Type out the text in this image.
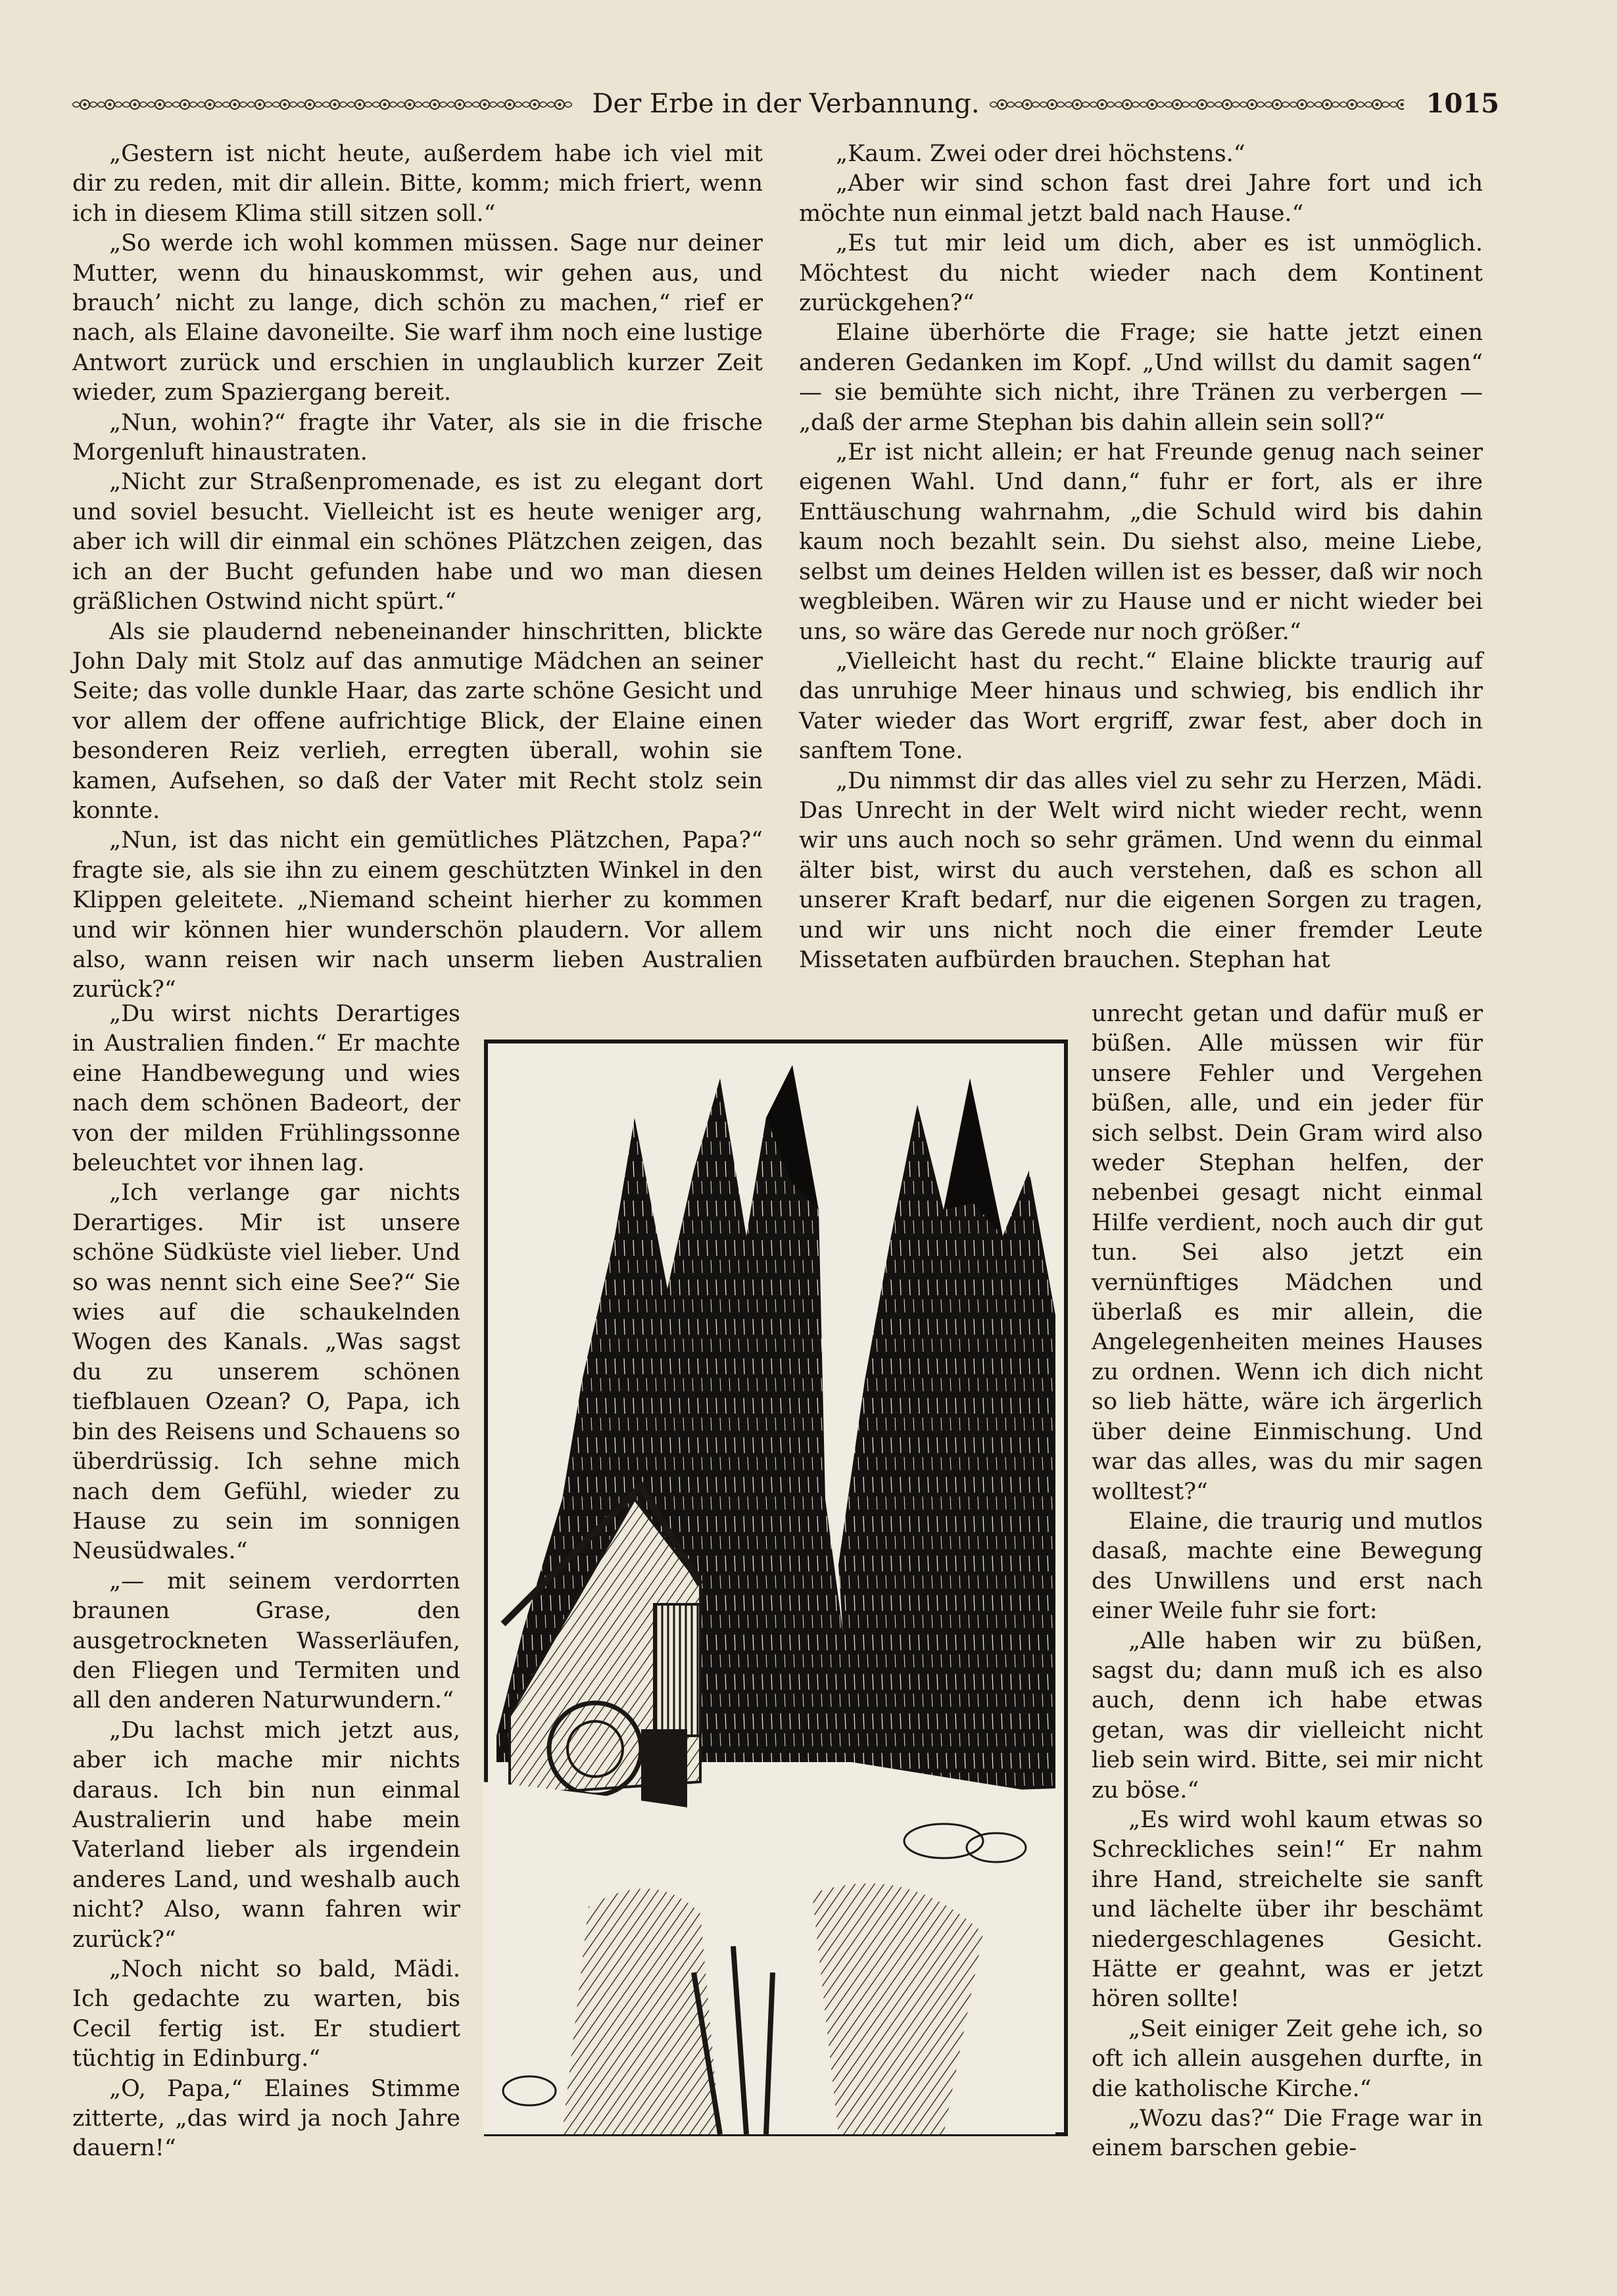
Der Erbe in der Verbannung.	1015

„Gestern ist nicht heute, außerdem habe ich viel mit dir zu reden, mit dir allein. Bitte, komm; mich friert, wenn ich in diesem Klima still sitzen soll.“
„So werde ich wohl kommen müssen. Sage nur deiner Mutter, wenn du hinauskommst, wir gehen aus, und brauch’ nicht zu lange, dich schön zu machen,“ rief er nach, als Elaine davoneilte. Sie warf ihm noch eine lustige Antwort zurück und erschien in unglaublich kurzer Zeit wieder, zum Spaziergang bereit.
„Nun, wohin?“ fragte ihr Vater, als sie in die frische Morgenluft hinaustraten.
„Nicht zur Straßenpromenade, es ist zu elegant dort und soviel besucht. Vielleicht ist es heute weniger arg, aber ich will dir einmal ein schönes Plätzchen zeigen, das ich an der Bucht gefunden habe und wo man diesen gräßlichen Ostwind nicht spürt.“
Als sie plaudernd nebeneinander hinschritten, blickte John Daly mit Stolz auf das anmutige Mädchen an seiner Seite; das volle dunkle Haar, das zarte schöne Gesicht und vor allem der offene aufrichtige Blick, der Elaine einen besonderen Reiz verlieh, erregten überall, wohin sie kamen, Aufsehen, so daß der Vater mit Recht stolz sein konnte.
„Nun, ist das nicht ein gemütliches Plätzchen, Papa?“ fragte sie, als sie ihn zu einem geschützten Winkel in den Klippen geleitete. „Niemand scheint hierher zu kommen und wir können hier wunderschön plaudern. Vor allem also, wann reisen wir nach unserm lieben Australien zurück?“

„Du wirst nichts Derartiges in Australien finden.“ Er machte eine Handbewegung und wies nach dem schönen Badeort, der von der milden Frühlingssonne beleuchtet vor ihnen lag.
„Ich verlange gar nichts Derartiges. Mir ist unsere schöne Südküste viel lieber. Und so was nennt sich eine See?“ Sie wies auf die schaukelnden Wogen des Kanals. „Was sagst du zu unserem schönen tiefblauen Ozean? O, Papa, ich bin des Reisens und Schauens so überdrüssig. Ich sehne mich nach dem Gefühl, wieder zu Hause zu sein im sonnigen Neusüdwales.“
„— mit seinem verdorrten braunen Grase, den ausgetrockneten Wasserläufen, den Fliegen und Termiten und all den anderen Naturwundern.“
„Du lachst mich jetzt aus, aber ich mache mir nichts daraus. Ich bin nun einmal Australierin und habe mein Vaterland lieber als irgendein anderes Land, und weshalb auch nicht? Also, wann fahren wir zurück?“
„Noch nicht so bald, Mädi. Ich gedachte zu warten, bis Cecil fertig ist. Er studiert tüchtig in Edinburg.“
„O, Papa,“ Elaines Stimme zitterte, „das wird ja noch Jahre dauern!“

„Kaum. Zwei oder drei höchstens.“
„Aber wir sind schon fast drei Jahre fort und ich möchte nun einmal jetzt bald nach Hause.“
„Es tut mir leid um dich, aber es ist unmöglich. Möchtest du nicht wieder nach dem Kontinent zurückgehen?“
Elaine überhörte die Frage; sie hatte jetzt einen anderen Gedanken im Kopf. „Und willst du damit sagen“ — sie bemühte sich nicht, ihre Tränen zu verbergen — „daß der arme Stephan bis dahin allein sein soll?“
„Er ist nicht allein; er hat Freunde genug nach seiner eigenen Wahl. Und dann,“ fuhr er fort, als er ihre Enttäuschung wahrnahm, „die Schuld wird bis dahin kaum noch bezahlt sein. Du siehst also, meine Liebe, selbst um deines Helden willen ist es besser, daß wir noch wegbleiben. Wären wir zu Hause und er nicht wieder bei uns, so wäre das Gerede nur noch größer.“
„Vielleicht hast du recht.“ Elaine blickte traurig auf das unruhige Meer hinaus und schwieg, bis endlich ihr Vater wieder das Wort ergriff, zwar fest, aber doch in sanftem Tone.
„Du nimmst dir das alles viel zu sehr zu Herzen, Mädi. Das Unrecht in der Welt wird nicht wieder recht, wenn wir uns auch noch so sehr grämen. Und wenn du einmal älter bist, wirst du auch verstehen, daß es schon all unserer Kraft bedarf, nur die eigenen Sorgen zu tragen, und wir uns nicht noch die einer fremder Leute Missetaten aufbürden brauchen. Stephan hat

unrecht getan und dafür muß er büßen. Alle müssen wir für unsere Fehler und Vergehen büßen, alle, und ein jeder für sich selbst. Dein Gram wird also weder Stephan helfen, der nebenbei gesagt nicht einmal Hilfe verdient, noch auch dir gut tun. Sei also jetzt ein vernünftiges Mädchen und überlaß es mir allein, die Angelegenheiten meines Hauses zu ordnen. Wenn ich dich nicht so lieb hätte, wäre ich ärgerlich über deine Einmischung. Und war das alles, was du mir sagen wolltest?“
Elaine, die traurig und mutlos dasaß, machte eine Bewegung des Unwillens und erst nach einer Weile fuhr sie fort:
„Alle haben wir zu büßen, sagst du; dann muß ich es also auch, denn ich habe etwas getan, was dir vielleicht nicht lieb sein wird. Bitte, sei mir nicht zu böse.“
„Es wird wohl kaum etwas so Schreckliches sein!“ Er nahm ihre Hand, streichelte sie sanft und lächelte über ihr beschämt niedergeschlagenes Gesicht. Hätte er geahnt, was er jetzt hören sollte!
„Seit einiger Zeit gehe ich, so oft ich allein ausgehen durfte, in die katholische Kirche.“
„Wozu das?“ Die Frage war in einem barschen gebie-
